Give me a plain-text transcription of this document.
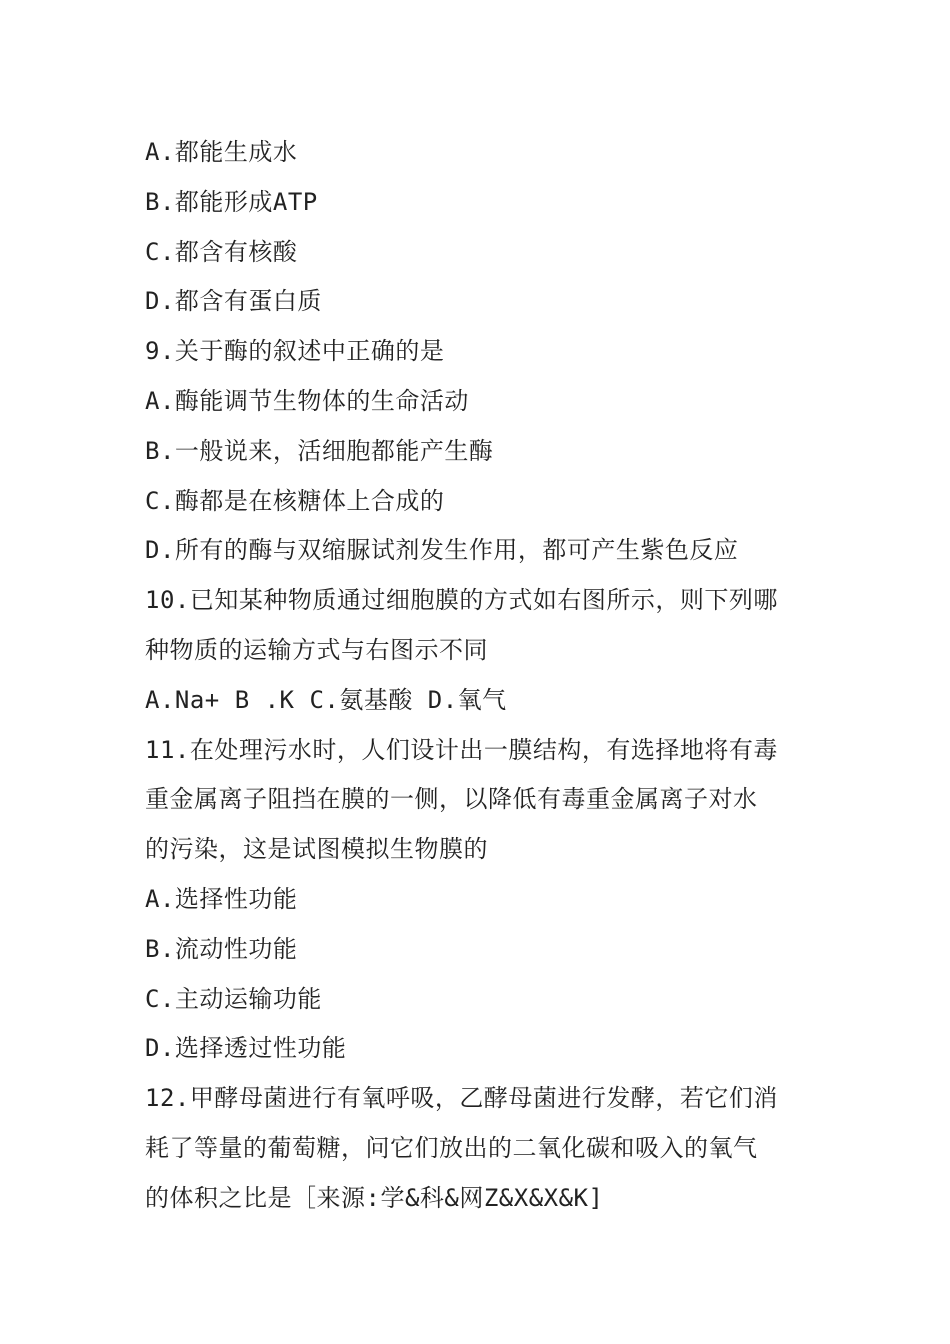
A.都能生成水
B.都能形成ATP
C.都含有核酸
D.都含有蛋白质
9.关于酶的叙述中正确的是
A.酶能调节生物体的生命活动
B.一般说来，活细胞都能产生酶
C.酶都是在核糖体上合成的
D.所有的酶与双缩脲试剂发生作用，都可产生紫色反应
10.已知某种物质通过细胞膜的方式如右图所示，则下列哪
种物质的运输方式与右图示不同
A.Na+ B .K C.氨基酸 D.氧气
11.在处理污水时，人们设计出一膜结构，有选择地将有毒
重金属离子阻挡在膜的一侧，以降低有毒重金属离子对水
的污染，这是试图模拟生物膜的
A.选择性功能
B.流动性功能
C.主动运输功能
D.选择透过性功能
12.甲酵母菌进行有氧呼吸，乙酵母菌进行发酵，若它们消
耗了等量的葡萄糖，问它们放出的二氧化碳和吸入的氧气
的体积之比是［来源:学&科&网Z&X&X&K]
